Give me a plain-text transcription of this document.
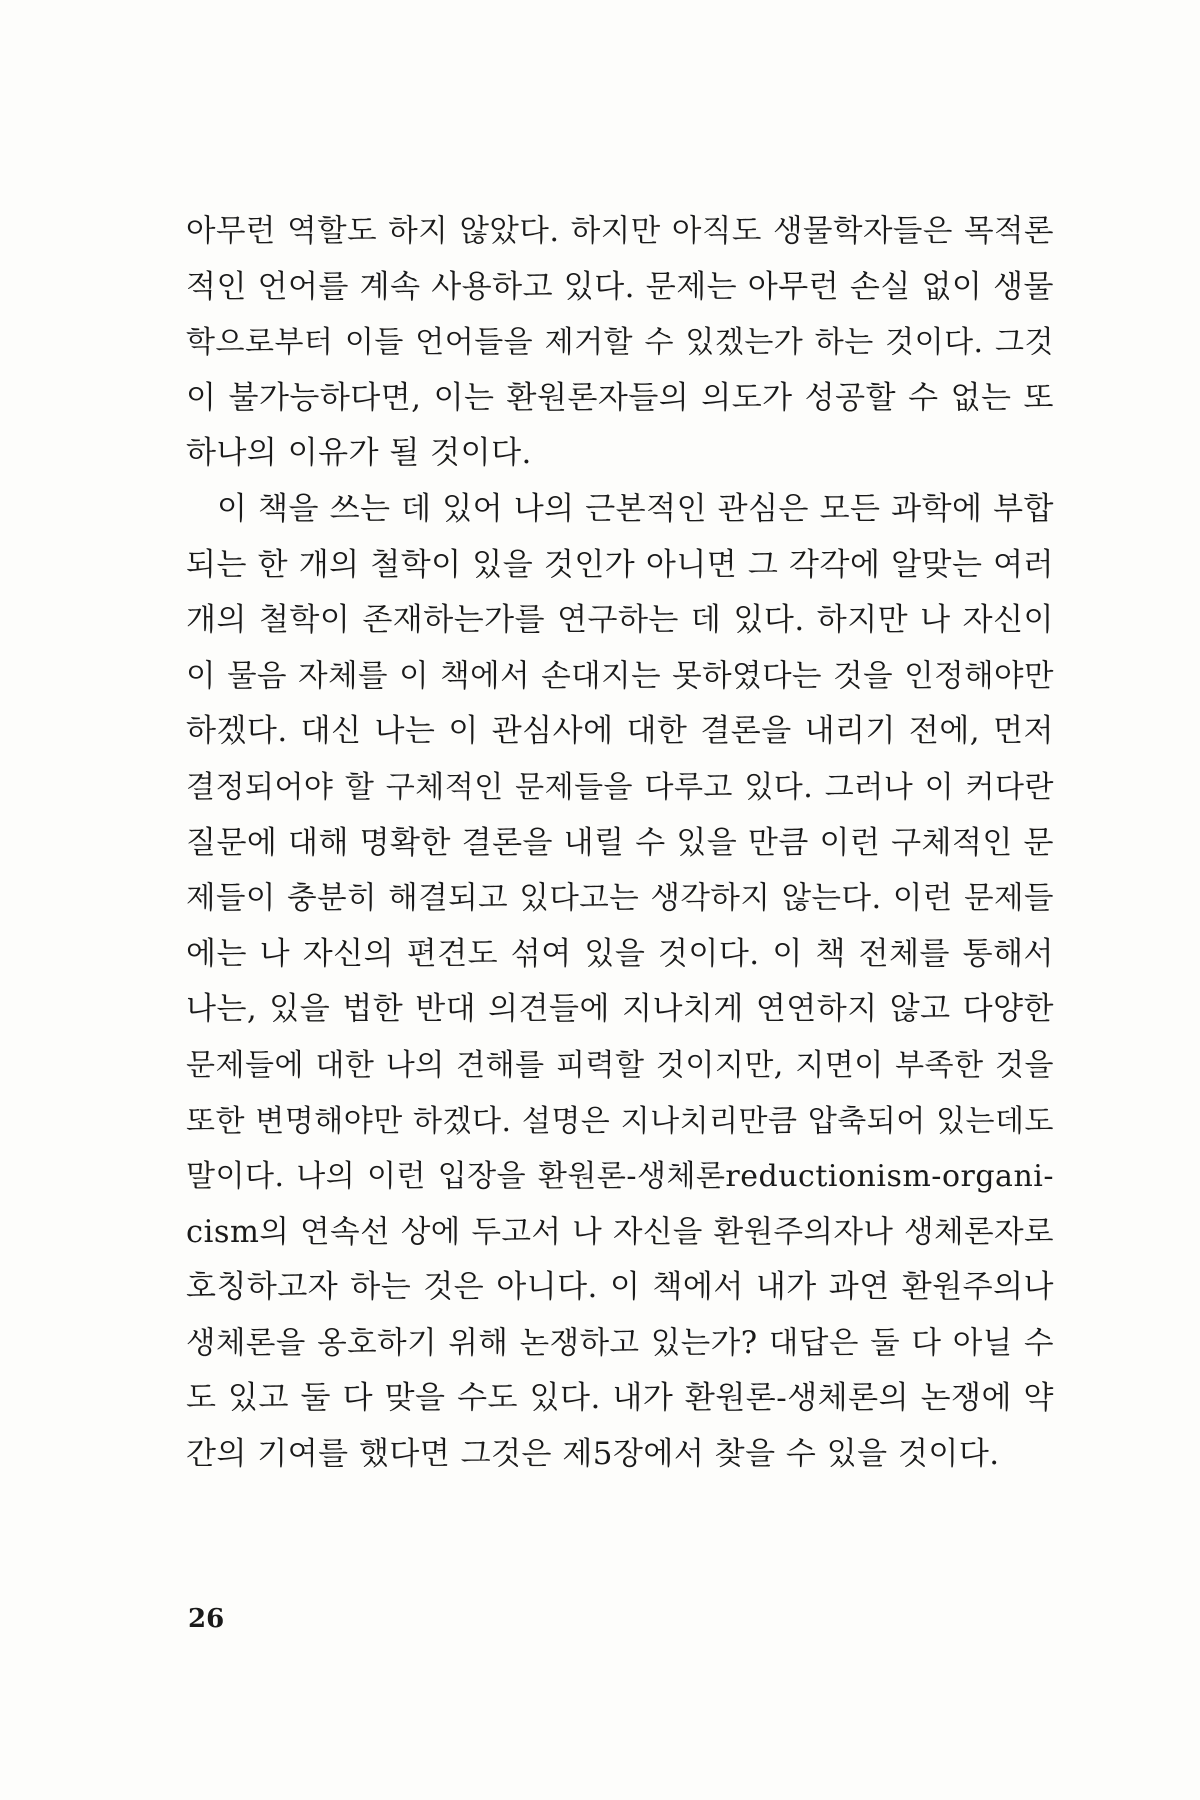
아무런 역할도 하지 않았다. 하지만 아직도 생물학자들은 목적론
적인 언어를 계속 사용하고 있다. 문제는 아무런 손실 없이 생물
학으로부터 이들 언어들을 제거할 수 있겠는가 하는 것이다. 그것
이 불가능하다면, 이는 환원론자들의 의도가 성공할 수 없는 또
하나의 이유가 될 것이다.
이 책을 쓰는 데 있어 나의 근본적인 관심은 모든 과학에 부합
되는 한 개의 철학이 있을 것인가 아니면 그 각각에 알맞는 여러
개의 철학이 존재하는가를 연구하는 데 있다. 하지만 나 자신이
이 물음 자체를 이 책에서 손대지는 못하였다는 것을 인정해야만
하겠다. 대신 나는 이 관심사에 대한 결론을 내리기 전에, 먼저
결정되어야 할 구체적인 문제들을 다루고 있다. 그러나 이 커다란
질문에 대해 명확한 결론을 내릴 수 있을 만큼 이런 구체적인 문
제들이 충분히 해결되고 있다고는 생각하지 않는다. 이런 문제들
에는 나 자신의 편견도 섞여 있을 것이다. 이 책 전체를 통해서
나는, 있을 법한 반대 의견들에 지나치게 연연하지 않고 다양한
문제들에 대한 나의 견해를 피력할 것이지만, 지면이 부족한 것을
또한 변명해야만 하겠다. 설명은 지나치리만큼 압축되어 있는데도
말이다. 나의 이런 입장을 환원론-생체론reductionism-organi-
cism의 연속선 상에 두고서 나 자신을 환원주의자나 생체론자로
호칭하고자 하는 것은 아니다. 이 책에서 내가 과연 환원주의나
생체론을 옹호하기 위해 논쟁하고 있는가? 대답은 둘 다 아닐 수
도 있고 둘 다 맞을 수도 있다. 내가 환원론-생체론의 논쟁에 약
간의 기여를 했다면 그것은 제5장에서 찾을 수 있을 것이다.
26
